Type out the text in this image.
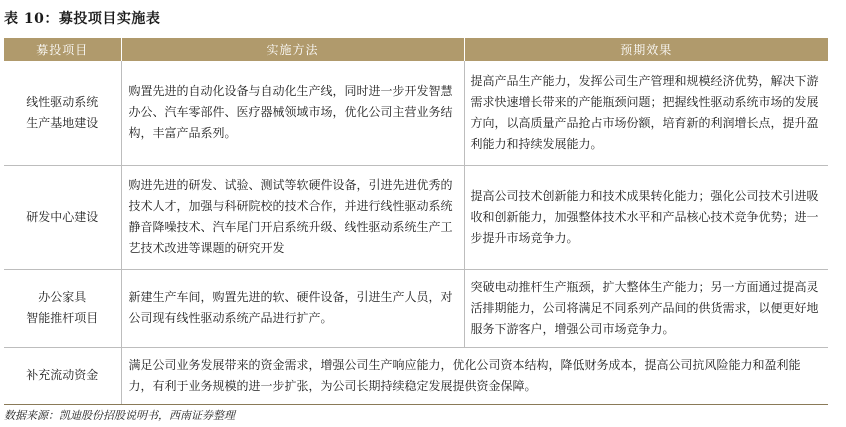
表 10：募投项目实施表
募投项目	实施方法	预期效果

线性驱动系统
生产基地建设	购置先进的自动化设备与自动化生产线，同时进一步开发智慧办公、汽车零部件、医疗器械领域市场，优化公司主营业务结构，丰富产品系列。	提高产品生产能力，发挥公司生产管理和规模经济优势，解决下游需求快速增长带来的产能瓶颈问题；把握线性驱动系统市场的发展方向，以高质量产品抢占市场份额，培育新的利润增长点，提升盈利能力和持续发展能力。

研发中心建设	购进先进的研发、试验、测试等软硬件设备，引进先进优秀的技术人才，加强与科研院校的技术合作，并进行线性驱动系统静音降噪技术、汽车尾门开启系统升级、线性驱动系统生产工艺技术改进等课题的研究开发	提高公司技术创新能力和技术成果转化能力；强化公司技术引进吸收和创新能力，加强整体技术水平和产品核心技术竞争优势；进一步提升市场竞争力。

办公家具
智能推杆项目	新建生产车间，购置先进的软、硬件设备，引进生产人员，对公司现有线性驱动系统产品进行扩产。	突破电动推杆生产瓶颈，扩大整体生产能力；另一方面通过提高灵活排期能力，公司将满足不同系列产品间的供货需求，以便更好地服务下游客户，增强公司市场竞争力。

补充流动资金	满足公司业务发展带来的资金需求，增强公司生产响应能力，优化公司资本结构，降低财务成本，提高公司抗风险能力和盈利能力，有利于业务规模的进一步扩张，为公司长期持续稳定发展提供资金保障。	
数据来源：凯迪股份招股说明书，西南证券整理
